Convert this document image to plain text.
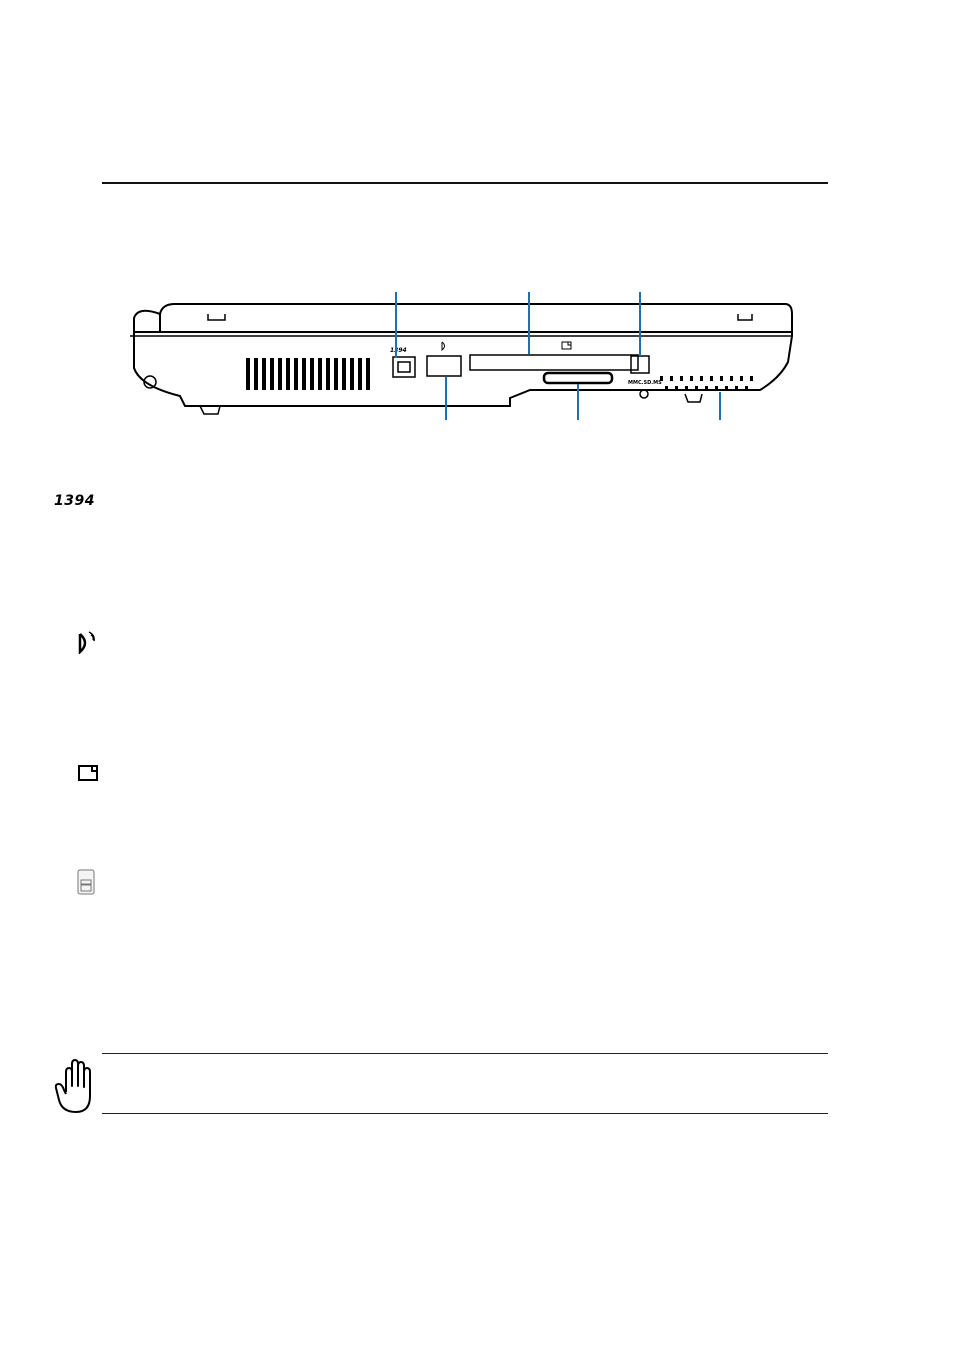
1394
MMC.SD.MS
1394
